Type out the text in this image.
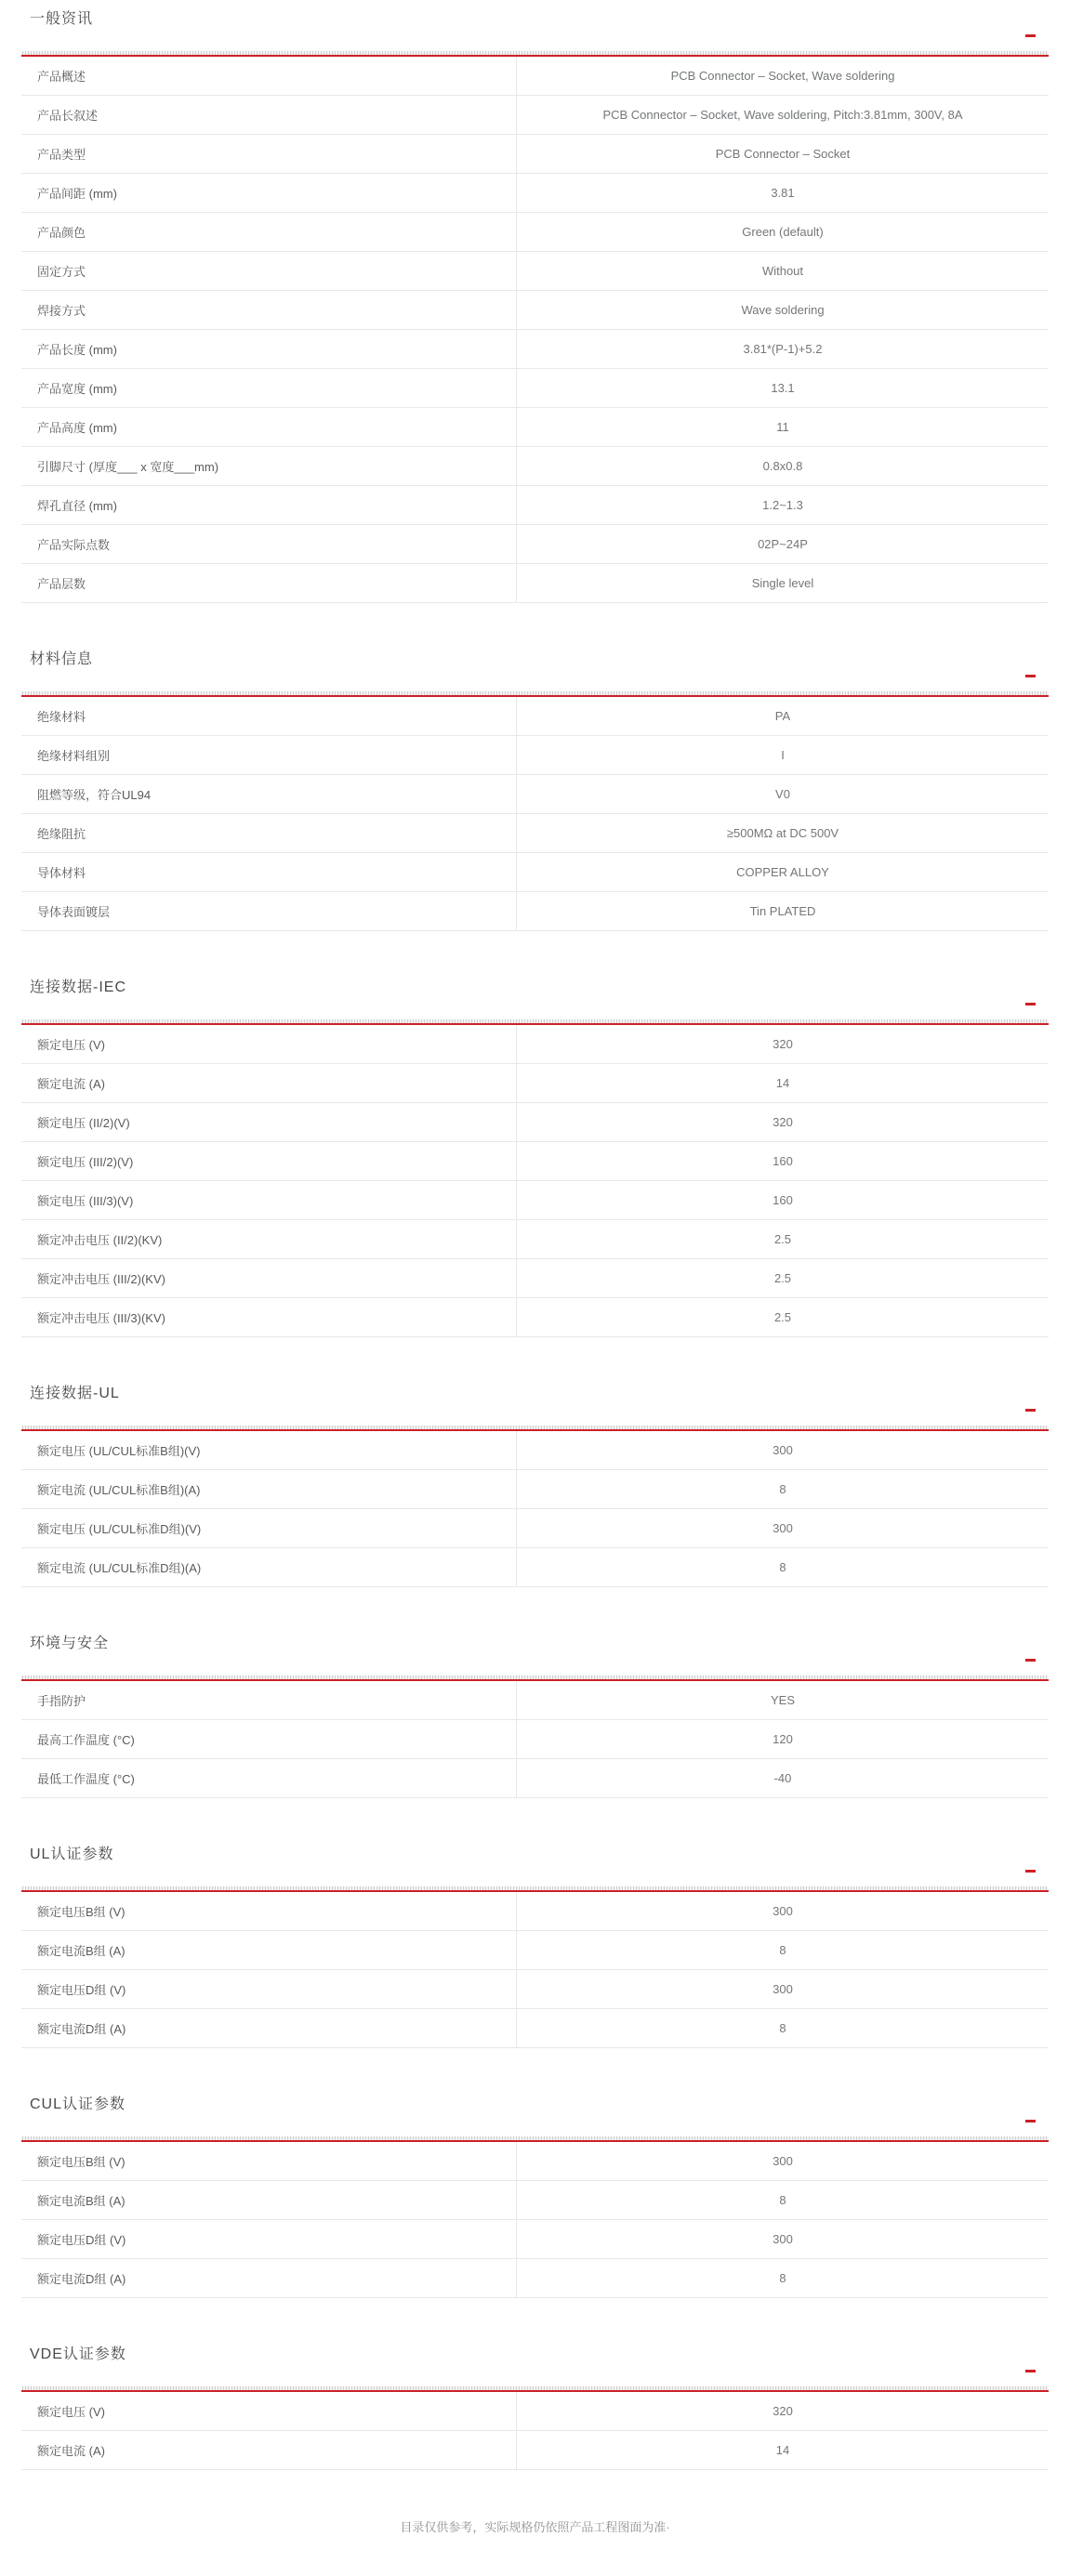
一般资讯
产品概述	PCB Connector – Socket, Wave soldering
产品长叙述	PCB Connector – Socket, Wave soldering, Pitch:3.81mm, 300V, 8A
产品类型	PCB Connector – Socket
产品间距 (mm)	3.81
产品颜色	Green (default)
固定方式	Without
焊接方式	Wave soldering
产品长度 (mm)	3.81*(P-1)+5.2
产品宽度 (mm)	13.1
产品高度 (mm)	11
引脚尺寸 (厚度___ x 宽度___mm)	0.8x0.8
焊孔直径 (mm)	1.2~1.3
产品实际点数	02P~24P
产品层数	Single level
材料信息
绝缘材料	PA
绝缘材料组别	I
阻燃等级，符合UL94	V0
绝缘阻抗	≥500MΩ at DC 500V
导体材料	COPPER ALLOY
导体表面镀层	Tin PLATED
连接数据-IEC
额定电压 (V)	320
额定电流 (A)	14
额定电压 (II/2)(V)	320
额定电压 (III/2)(V)	160
额定电压 (III/3)(V)	160
额定冲击电压 (II/2)(KV)	2.5
额定冲击电压 (III/2)(KV)	2.5
额定冲击电压 (III/3)(KV)	2.5
连接数据-UL
额定电压 (UL/CUL标准B组)(V)	300
额定电流 (UL/CUL标准B组)(A)	8
额定电压 (UL/CUL标准D组)(V)	300
额定电流 (UL/CUL标准D组)(A)	8
环境与安全
手指防护	YES
最高工作温度 (°C)	120
最低工作温度 (°C)	-40
UL认证参数
额定电压B组 (V)	300
额定电流B组 (A)	8
额定电压D组 (V)	300
额定电流D组 (A)	8
CUL认证参数
额定电压B组 (V)	300
额定电流B组 (A)	8
额定电压D组 (V)	300
额定电流D组 (A)	8
VDE认证参数
额定电压 (V)	320
额定电流 (A)	14
目录仅供参考，实际规格仍依照产品工程图面为准·
